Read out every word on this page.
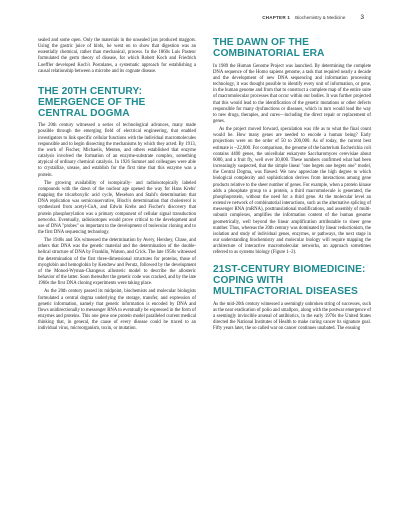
CHAPTER 1 Biochemistry & Medicine 3

sealed and some open. Only the materials in the unsealed jars produced maggots. Using the gastric juice of birds, he went on to show that digestion was an essentially chemical, rather than mechanical, process. In the 1860s Luis Pasteur formulated the germ theory of disease, for which Robert Koch and Friedrich Loeffler developed Koch's Postulates, a systematic approach for establishing a causal relationship between a microbe and its cognate disease.

THE 20TH CENTURY: EMERGENCE OF THE CENTRAL DOGMA

The 20th century witnessed a series of technological advances, many made possible through the emerging field of electrical engineering, that enabled investigators to link specific cellular functions with the individual macromolecules responsible and to begin dissecting the mechanisms by which they acted. By 1913, the work of Fischer, Michaelis, Menten, and others established that enzyme catalysis involved the formation of an enzyme-substrate complex, something atypical of ordinary chemical catalysis. In 1926 Sumner and colleagues were able to crystallize, urease, and establish for the first time that this enzyme was a protein.

The growing availability of isotopically- and radioisotopically labeled compounds with the dawn of the nuclear age opened the way for Hans Krebs' mapping the tricarboxylic acid cycle, Meselson and Stahl's determination that DNA replication was semiconservative, Bloch's determination that cholesterol is synthesized from acetyl-CoA, and Edwin Krebs and Fischer's discovery that protein phosphorylation was a primary component of cellular signal transduction networks. Eventually, radioisotopes would prove critical to the development and use of DNA "probes" so important to the development of molecular cloning and to the first DNA sequencing technology.

The 1940s and 50s witnessed the determination by Avery, Hershey, Chase, and others that DNA was the genetic material and the determination of the double-helical structure of DNA by Franklin, Watson, and Crick. The late 1950s witnessed the determination of the first three-dimensional structures for proteins, those of myoglobin and hemoglobin by Kendrew and Perutz, followed by the development of the Monod-Wyman-Changeux allosteric model to describe the allosteric behavior of the latter. Soon thereafter the genetic code was cracked, and by the late 1960s the first DNA cloning experiments were taking place.

As the 20th century passed its midpoint, biochemists and molecular biologists formulated a central dogma underlying the storage, transfer, and expression of genetic information, namely that genetic information is encoded by DNA and flows unidirectionally to messenger RNA to eventually be expressed in the form of enzymes and proteins. This one gene one protein model paralleled current medical thinking that, in general, the cause of every disease could be traced to an individual virus, microorganism, toxin, or mutation.

THE DAWN OF THE COMBINATORIAL ERA

In 1989 the Human Genome Project was launched. By determining the complete DNA sequence of the Homo sapiens genome, a task that required nearly a decade and the development of new DNA sequencing and information processing technology, it was thought possible to identify every unit of information, or gene, in the human genome and from that to construct a complete map of the entire suite of macromolecular processes that occur within our bodies. It was further projected that this would lead to the identification of the genetic mutations or other defects responsible for many dysfunctions or diseases, which in turn would lead the way to new drugs, therapies, and cures—including the direct repair or replacement of genes.

As the project moved forward, speculation was rife as to what the final count would be. How many genes are needed to encode a human being? Early projections were on the order of 50 to 200,000. As of today, the current best estimate is ~22,000. For comparison, the genome of the bacterium Escherichia coli contains 4400 genes, the unicellular eukaryote Saccharomyces cerevisiae about 6000, and a fruit fly, well over 30,000. These numbers confirmed what had been increasingly suspected, that the simple linear "one begets one begets one" model, the Central Dogma, was flawed. We now appreciate the high degree to which biological complexity and sophistication derives from interactions among gene products relative to the sheer number of genes. For example, when a protein kinase adds a phosphate group to a protein, a third macromolecule is generated, the phosphoprotein, without the need for a third gene. At the molecular level an extensive network of combinatorial interactions, such as the alternative splicing of messenger RNA (mRNA), posttranslational modifications, and assembly of multi-subunit complexes, amplifies the information content of the human genome geometrically, well beyond the linear amplification attributable to sheer gene number. Thus, whereas the 20th century was dominated by linear reductionism, the isolation and study of individual genes, enzymes, or pathways, the next stage in our understanding biochemistry and molecular biology will require mapping the architecture of interactive macromolecular networks, an approach sometimes referred to as systems biology (Figure 1–2).

21ST-CENTURY BIOMEDICINE: COPING WITH MULTIFACTORIAL DISEASES

As the mid-20th century witnessed a seemingly unbroken string of successes, such as the near eradication of polio and smallpox, along with the postwar emergence of a seemingly invincible arsenal of antibiotics, in the early 1970s the United States directed the National Institutes of Health to make curing cancer its signature goal. Fifty years later, the so called war on cancer continues unabated. The ensuing
